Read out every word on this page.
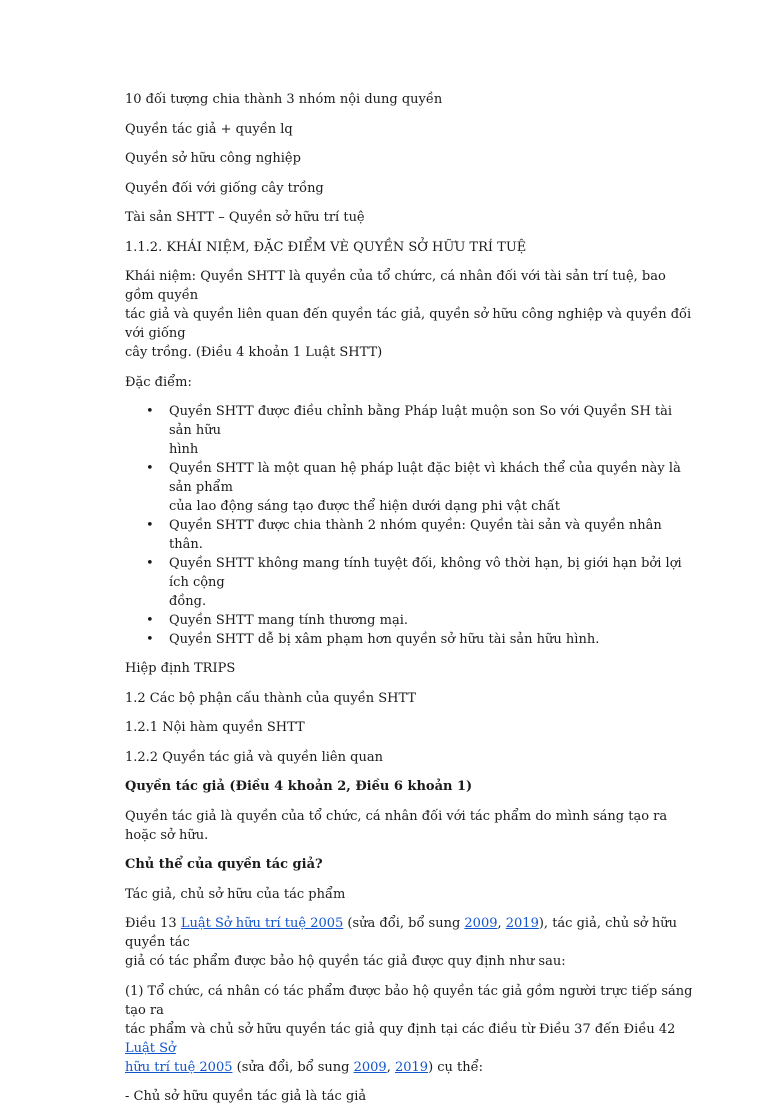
10 đối tượng chia thành 3 nhóm nội dung quyền

Quyền tác giả + quyền lq

Quyền sở hữu công nghiệp

Quyền đối với giống cây trồng

Tài sản SHTT – Quyền sở hữu trí tuệ

1.1.2. KHÁI NIỆM, ĐẶC ĐIỂM VÈ QUYỀN SỞ HỮU TRÍ TUỆ

Khái niệm: Quyền SHTT là quyền của tổ chứrc, cá nhân đối với tài sản trí tuệ, bao gồm quyền
tác giả và quyền liên quan đến quyền tác giả, quyền sở hữu công nghiệp và quyền đối với giống
cây trồng. (Điều 4 khoản 1 Luật SHTT)

Đặc điểm:

• Quyền SHTT được điều chỉnh bằng Pháp luật muộn son So với Quyền SH tài sản hữu
hình
• Quyền SHTT là một quan hệ pháp luật đặc biệt vì khách thể của quyền này là sản phẩm
của lao động sáng tạo được thể hiện dưới dạng phi vật chất
• Quyền SHTT được chia thành 2 nhóm quyền: Quyền tài sản và quyền nhân thân.
• Quyền SHTT không mang tính tuyệt đối, không vô thời hạn, bị giới hạn bởi lợi ích cộng
đồng.
• Quyền SHTT mang tính thương mại.
• Quyền SHTT dễ bị xâm phạm hơn quyền sở hữu tài sản hữu hình.

Hiệp định TRIPS

1.2 Các bộ phận cấu thành của quyền SHTT

1.2.1 Nội hàm quyền SHTT

1.2.2 Quyền tác giả và quyền liên quan

Quyền tác giả (Điều 4 khoản 2, Điều 6 khoản 1)

Quyền tác giả là quyền của tổ chức, cá nhân đối với tác phẩm do mình sáng tạo ra hoặc sở hữu.

Chủ thể của quyền tác giả?

Tác giả, chủ sở hữu của tác phẩm

Điều 13 Luật Sở hữu trí tuệ 2005 (sửa đổi, bổ sung 2009, 2019), tác giả, chủ sở hữu quyền tác
giả có tác phẩm được bảo hộ quyền tác giả được quy định như sau:

(1) Tổ chức, cá nhân có tác phẩm được bảo hộ quyền tác giả gồm người trực tiếp sáng tạo ra
tác phẩm và chủ sở hữu quyền tác giả quy định tại các điều từ Điều 37 đến Điều 42 Luật Sở
hữu trí tuệ 2005 (sửa đổi, bổ sung 2009, 2019) cụ thể:

- Chủ sở hữu quyền tác giả là tác giả
